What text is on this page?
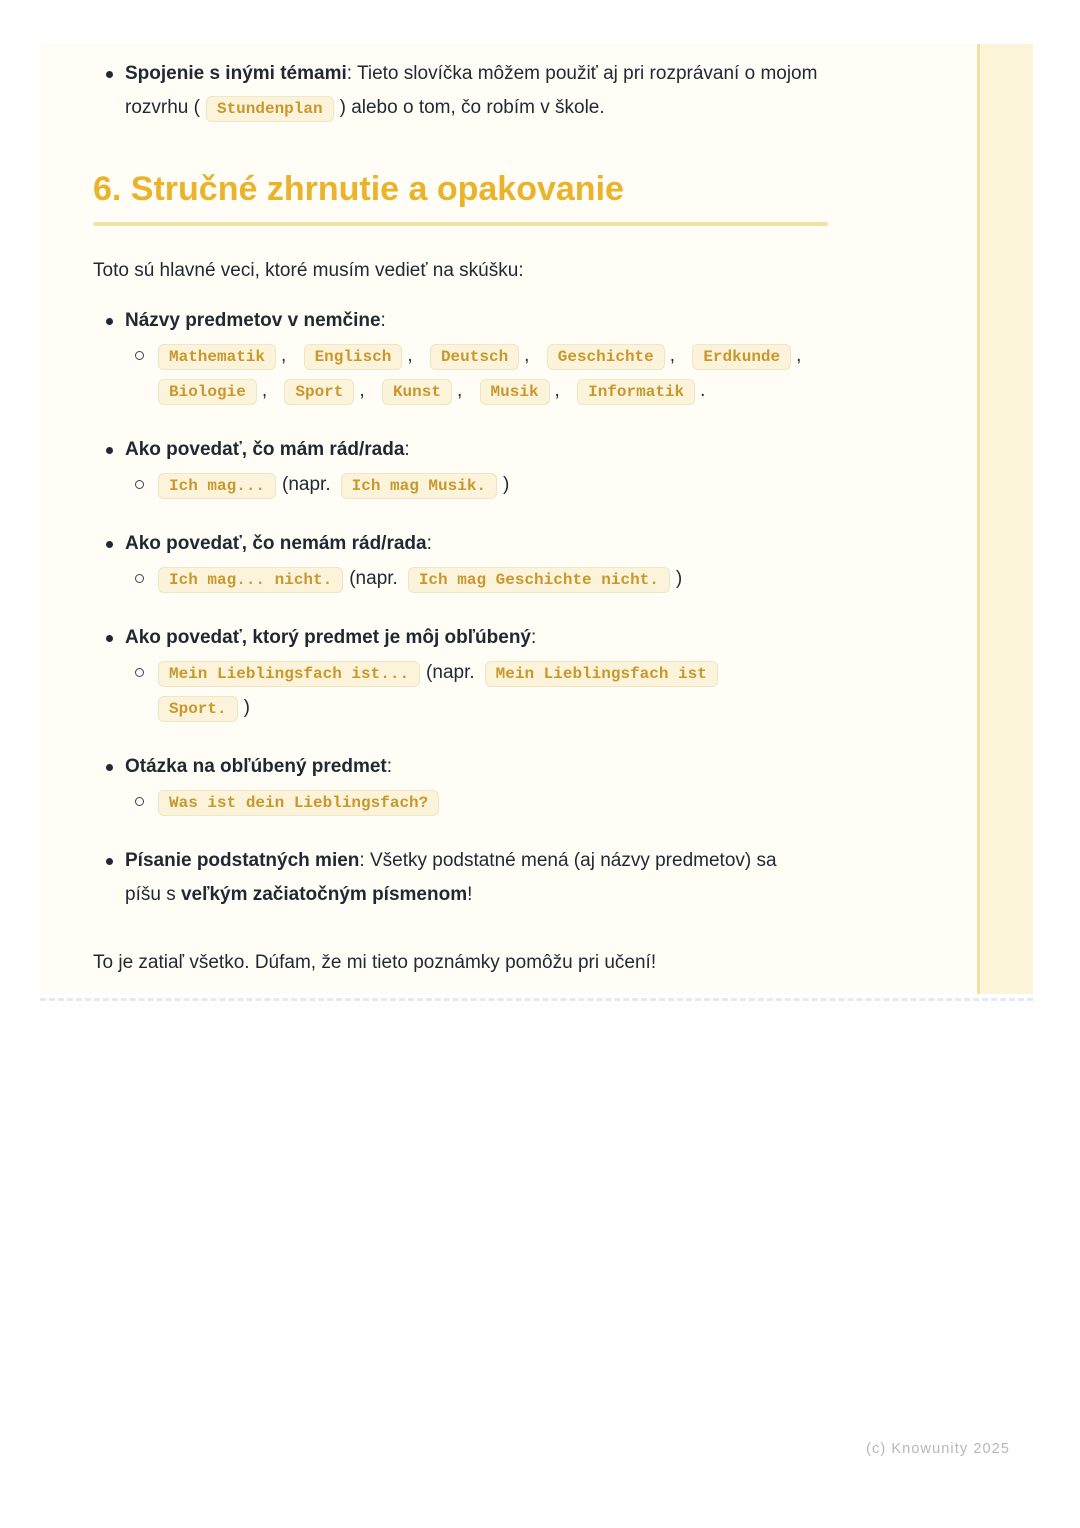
Spojenie s inými témami: Tieto slovíčka môžem použiť aj pri rozprávaní o mojom rozvrhu ( Stundenplan ) alebo o tom, čo robím v škole.

6. Stručné zhrnutie a opakovanie

Toto sú hlavné veci, ktoré musím vedieť na skúšku:

Názvy predmetov v nemčine:

Mathematik , Englisch , Deutsch , Geschichte , Erdkunde , Biologie , Sport , Kunst , Musik , Informatik .

Ako povedať, čo mám rád/rada:

Ich mag... (napr. Ich mag Musik. )

Ako povedať, čo nemám rád/rada:

Ich mag... nicht. (napr. Ich mag Geschichte nicht. )

Ako povedať, ktorý predmet je môj obľúbený:

Mein Lieblingsfach ist... (napr. Mein Lieblingsfach ist
Sport. )

Otázka na obľúbený predmet:

Was ist dein Lieblingsfach?

Písanie podstatných mien: Všetky podstatné mená (aj názvy predmetov) sa píšu s veľkým začiatočným písmenom!

To je zatiaľ všetko. Dúfam, že mi tieto poznámky pomôžu pri učení!

(c) Knowunity 2025
